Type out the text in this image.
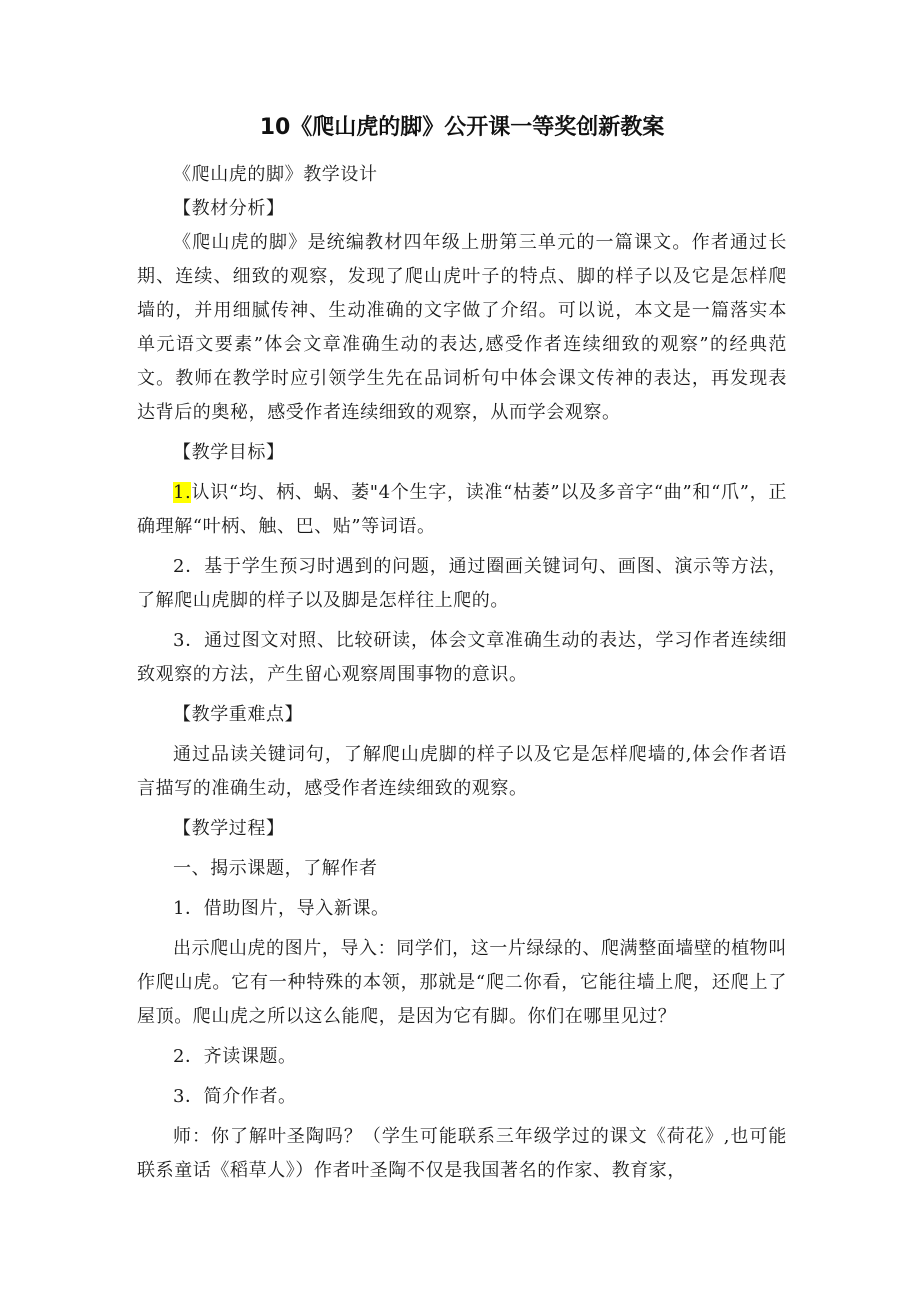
10《爬山虎的脚》公开课一等奖创新教案

《爬山虎的脚》教学设计

【教材分析】

《爬山虎的脚》是统编教材四年级上册第三单元的一篇课文。作者通过长期、连续、细致的观察，发现了爬山虎叶子的特点、脚的样子以及它是怎样爬墙的，并用细腻传神、生动准确的文字做了介绍。可以说，本文是一篇落实本单元语文要素”体会文章准确生动的表达,感受作者连续细致的观察”的经典范文。教师在教学时应引领学生先在品词析句中体会课文传神的表达，再发现表达背后的奥秘，感受作者连续细致的观察，从而学会观察。

【教学目标】

1.认识“均、柄、蜗、萎"4个生字，读准“枯萎”以及多音字“曲”和“爪”，正确理解“叶柄、触、巴、贴”等词语。

2．基于学生预习时遇到的问题，通过圈画关键词句、画图、演示等方法，了解爬山虎脚的样子以及脚是怎样往上爬的。

3．通过图文对照、比较研读，体会文章准确生动的表达，学习作者连续细致观察的方法，产生留心观察周围事物的意识。

【教学重难点】

通过品读关键词句，了解爬山虎脚的样子以及它是怎样爬墙的,体会作者语言描写的准确生动，感受作者连续细致的观察。

【教学过程】

一、揭示课题，了解作者

1．借助图片，导入新课。

出示爬山虎的图片，导入：同学们，这一片绿绿的、爬满整面墙壁的植物叫作爬山虎。它有一种特殊的本领，那就是“爬二你看，它能往墙上爬，还爬上了屋顶。爬山虎之所以这么能爬，是因为它有脚。你们在哪里见过？

2．齐读课题。

3．简介作者。

师：你了解叶圣陶吗？（学生可能联系三年级学过的课文《荷花》,也可能联系童话《稻草人》）作者叶圣陶不仅是我国著名的作家、教育家，
